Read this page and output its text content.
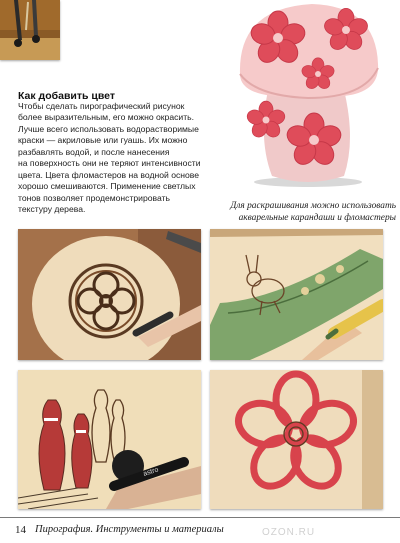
Как добавить цвет
Чтобы сделать пирографический рисунок
более выразительным, его можно окрасить.
Лучше всего использовать водорастворимые
краски — акриловые или гуашь. Их можно
разбавлять водой, и после нанесения
на поверхность они не теряют интенсивности
цвета. Цвета фломастеров на водной основе
хорошо смешиваются. Применение светлых
тонов позволяет продемонстрировать
текстуру дерева.	Для раскрашивания можно использовать
акварельные карандаши и фломастеры
astro
14 Пирография. Инструменты и материалы	OZON.RU
